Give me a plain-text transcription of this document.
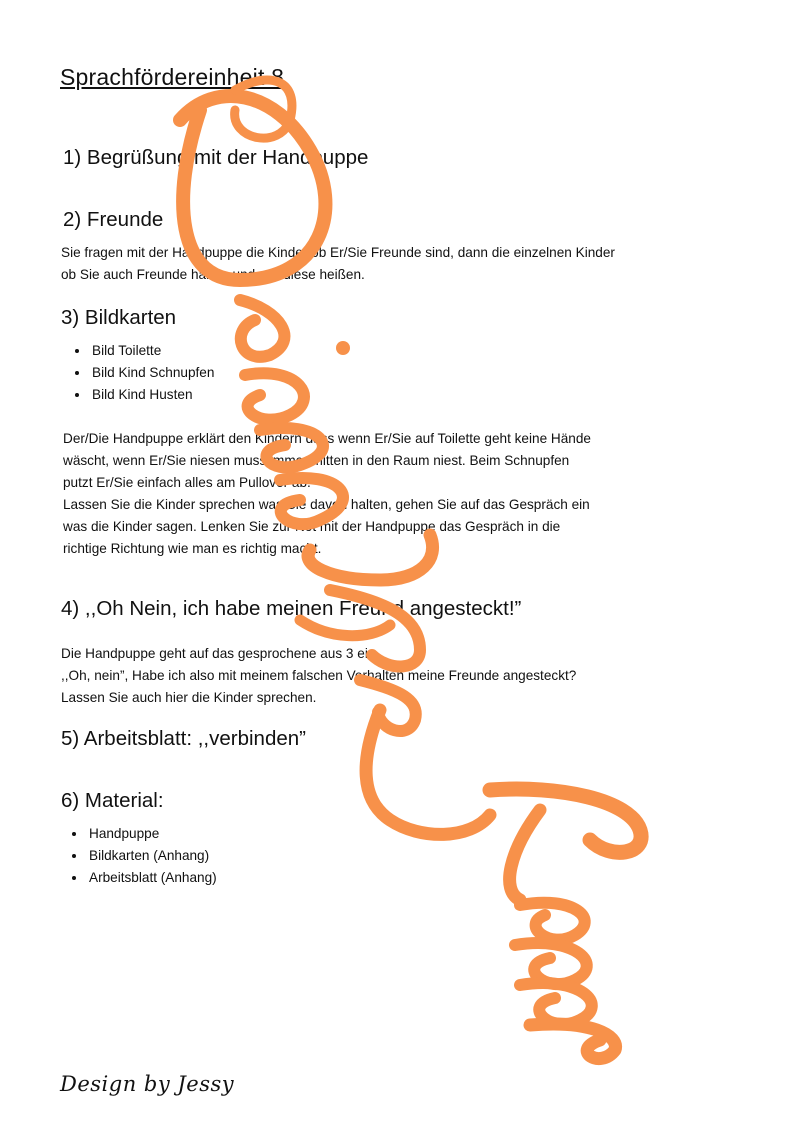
Sprachfördereinheit 8
1) Begrüßung mit der Handpuppe
2) Freunde
Sie fragen mit der Handpuppe die Kinder ob Er/Sie Freunde sind, dann die einzelnen Kinder
ob Sie auch Freunde haben und wie diese heißen.
3) Bildkarten
• Bild Toilette
• Bild Kind Schnupfen
• Bild Kind Husten
Der/Die Handpuppe erklärt den Kindern dass wenn Er/Sie auf Toilette geht keine Hände
wäscht, wenn Er/Sie niesen muss immer mitten in den Raum niest. Beim Schnupfen
putzt Er/Sie einfach alles am Pullover ab.
Lassen Sie die Kinder sprechen was Sie davon halten, gehen Sie auf das Gespräch ein
was die Kinder sagen. Lenken Sie zur Not mit der Handpuppe das Gespräch in die
richtige Richtung wie man es richtig macht.
4) ,,Oh Nein, ich habe meinen Freund angesteckt!”
Die Handpuppe geht auf das gesprochene aus 3 ein,
,,Oh, nein”, Habe ich also mit meinem falschen Verhalten meine Freunde angesteckt?
Lassen Sie auch hier die Kinder sprechen.
5) Arbeitsblatt: ,,verbinden”
6) Material:
• Handpuppe
• Bildkarten (Anhang)
• Arbeitsblatt (Anhang)
Design by Jessy
